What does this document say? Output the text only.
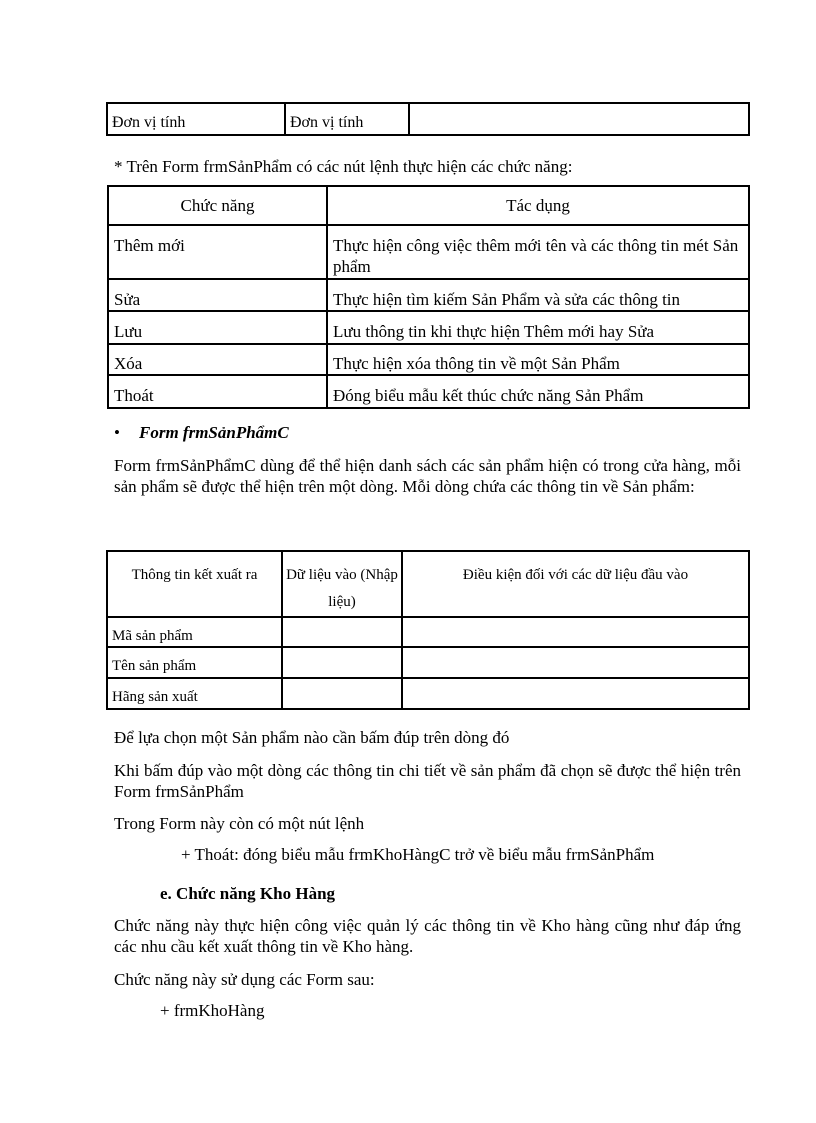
Đơn vị tính	Đơn vị tính	
* Trên Form frmSảnPhẩm có các nút lệnh thực hiện các chức năng:
Chức năng	Tác dụng
Thêm mới	Thực hiện công việc thêm mới tên và các thông tin mét Sản phẩm
Sửa	Thực hiện tìm kiếm Sản Phẩm và sửa các thông tin
Lưu	Lưu thông tin khi thực hiện Thêm mới hay Sửa
Xóa	Thực hiện xóa thông tin về một Sản Phẩm
Thoát	Đóng biểu mẫu kết thúc chức năng Sản Phẩm
• Form frmSảnPhẩmC
Form frmSảnPhẩmC dùng để thể hiện danh sách các sản phẩm hiện có trong cửa hàng, mỗi sản phẩm sẽ được thể hiện trên một dòng. Mỗi dòng chứa các thông tin về Sản phẩm:
Thông tin kết xuất ra	Dữ liệu vào (Nhập liệu)	Điều kiện đối với các dữ liệu đầu vào
Mã sản phẩm		
Tên sản phẩm		
Hãng sản xuất		
Để lựa chọn một Sản phẩm nào cần bấm đúp trên dòng đó
Khi bấm đúp vào một dòng các thông tin chi tiết về sản phẩm đã chọn sẽ được thể hiện trên Form frmSảnPhẩm
Trong Form này còn có một nút lệnh
+ Thoát: đóng biểu mẫu frmKhoHàngC trở về biểu mẫu frmSảnPhẩm
e. Chức năng Kho Hàng
Chức năng này thực hiện công việc quản lý các thông tin về Kho hàng cũng như đáp ứng các nhu cầu kết xuất thông tin về Kho hàng.
Chức năng này sử dụng các Form sau:
+ frmKhoHàng
